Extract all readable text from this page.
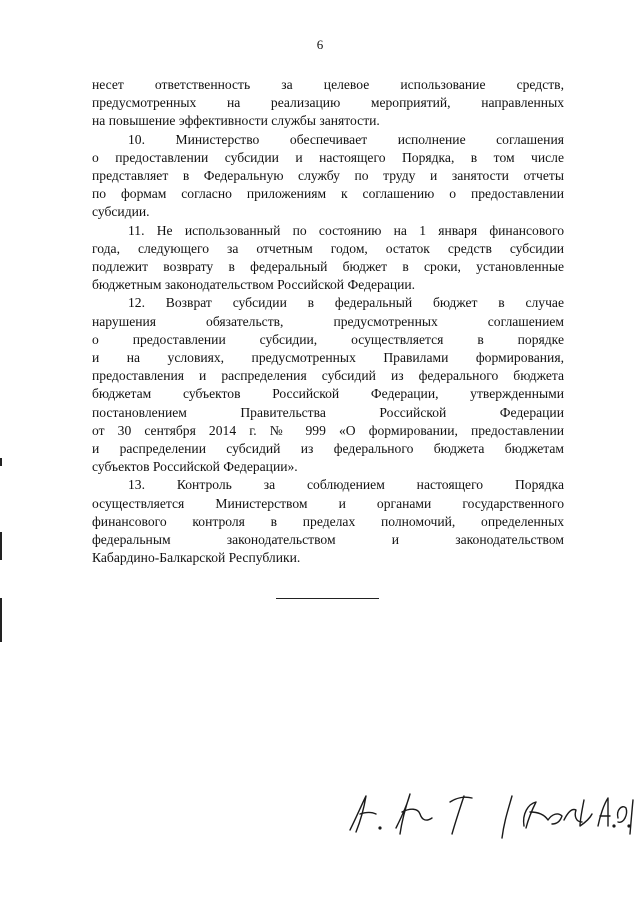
6

несет ответственность за целевое использование средств,
предусмотренных на реализацию мероприятий, направленных
на повышение эффективности службы занятости.

10. Министерство обеспечивает исполнение соглашения
о предоставлении субсидии и настоящего Порядка, в том числе
представляет в Федеральную службу по труду и занятости отчеты
по формам согласно приложениям к соглашению о предоставлении
субсидии.

11. Не использованный по состоянию на 1 января финансового
года, следующего за отчетным годом, остаток средств субсидии
подлежит возврату в федеральный бюджет в сроки, установленные
бюджетным законодательством Российской Федерации.

12. Возврат субсидии в федеральный бюджет в случае
нарушения обязательств, предусмотренных соглашением
о предоставлении субсидии, осуществляется в порядке
и на условиях, предусмотренных Правилами формирования,
предоставления и распределения субсидий из федерального бюджета
бюджетам субъектов Российской Федерации, утвержденными
постановлением Правительства Российской Федерации
от 30 сентября 2014 г. № 999 «О формировании, предоставлении
и распределении субсидий из федерального бюджета бюджетам
субъектов Российской Федерации».

13. Контроль за соблюдением настоящего Порядка
осуществляется Министерством и органами государственного
финансового контроля в пределах полномочий, определенных
федеральным законодательством и законодательством
Кабардино-Балкарской Республики.
